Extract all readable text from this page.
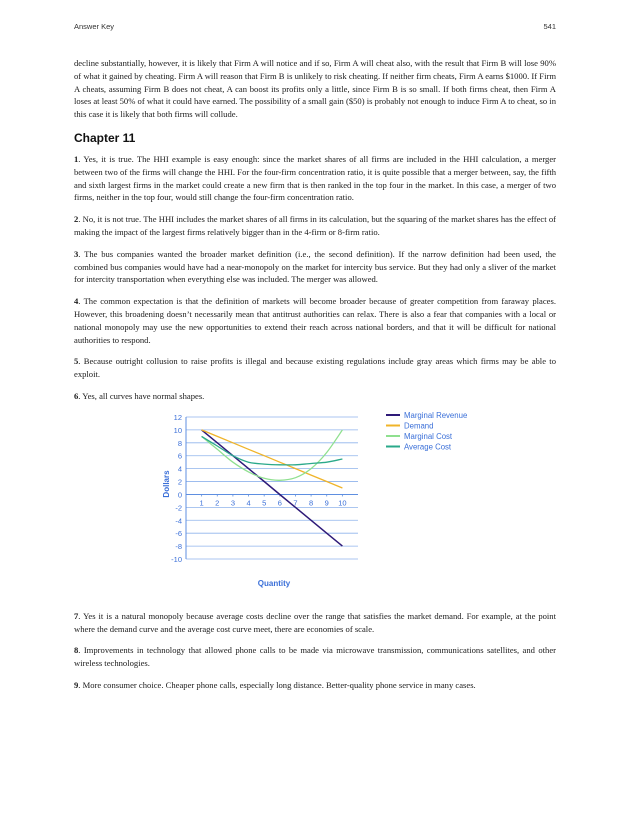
Answer Key	541

decline substantially, however, it is likely that Firm A will notice and if so, Firm A will cheat also, with the result that Firm B will lose 90% of what it gained by cheating. Firm A will reason that Firm B is unlikely to risk cheating. If neither firm cheats, Firm A earns $1000. If Firm A cheats, assuming Firm B does not cheat, A can boost its profits only a little, since Firm B is so small. If both firms cheat, then Firm A loses at least 50% of what it could have earned. The possibility of a small gain ($50) is probably not enough to induce Firm A to cheat, so in this case it is likely that both firms will collude.

Chapter 11

1. Yes, it is true. The HHI example is easy enough: since the market shares of all firms are included in the HHI calculation, a merger between two of the firms will change the HHI. For the four-firm concentration ratio, it is quite possible that a merger between, say, the fifth and sixth largest firms in the market could create a new firm that is then ranked in the top four in the market. In this case, a merger of two firms, neither in the top four, would still change the four-firm concentration ratio.

2. No, it is not true. The HHI includes the market shares of all firms in its calculation, but the squaring of the market shares has the effect of making the impact of the largest firms relatively bigger than in the 4-firm or 8-firm ratio.

3. The bus companies wanted the broader market definition (i.e., the second definition). If the narrow definition had been used, the combined bus companies would have had a near-monopoly on the market for intercity bus service. But they had only a sliver of the market for intercity transportation when everything else was included. The merger was allowed.

4. The common expectation is that the definition of markets will become broader because of greater competition from faraway places. However, this broadening doesn’t necessarily mean that antitrust authorities can relax. There is also a fear that companies with a local or national monopoly may use the new opportunities to extend their reach across national borders, and that it will be difficult for national authorities to respond.

5. Because outright collusion to raise profits is illegal and because existing regulations include gray areas which firms may be able to exploit.

6. Yes, all curves have normal shapes.

12
10
8
6
4
2
0
-2
-4
-6
-8
-10
1 2 3 4 5 6 7 8 9 10
Marginal Revenue
Demand
Marginal Cost
Average Cost
Dollars
Quantity

7. Yes it is a natural monopoly because average costs decline over the range that satisfies the market demand. For example, at the point where the demand curve and the average cost curve meet, there are economies of scale.

8. Improvements in technology that allowed phone calls to be made via microwave transmission, communications satellites, and other wireless technologies.

9. More consumer choice. Cheaper phone calls, especially long distance. Better-quality phone service in many cases.
